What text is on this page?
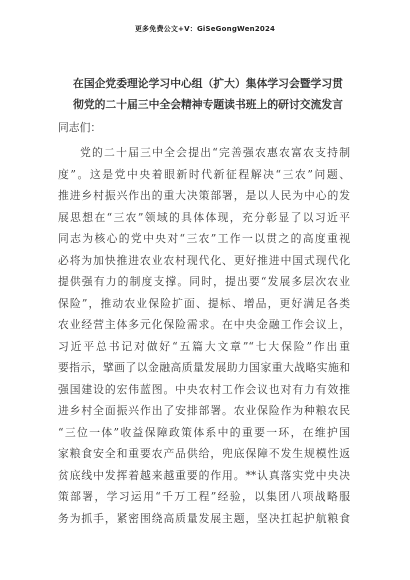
更多免费公文+V：GiSeGongWen2024
在国企党委理论学习中心组（扩大）集体学习会暨学习贯
彻党的二十届三中全会精神专题读书班上的研讨交流发言
同志们：
党的二十届三中全会提出“完善强农惠农富农支持制
度”。这是党中央着眼新时代新征程解决“三农”问题、
推进乡村振兴作出的重大决策部署，是以人民为中心的发
展思想在“三农”领域的具体体现，充分彰显了以习近平
同志为核心的党中央对“三农”工作一以贯之的高度重视
必将为加快推进农业农村现代化、更好推进中国式现代化
提供强有力的制度支撑。同时，提出要“发展多层次农业
保险”，推动农业保险扩面、提标、增品，更好满足各类
农业经营主体多元化保险需求。在中央金融工作会议上，
习近平总书记对做好“五篇大文章”“七大保险”作出重
要指示，擘画了以金融高质量发展助力国家重大战略实施和
强国建设的宏伟蓝图。中央农村工作会议也对有力有效推
进乡村全面振兴作出了安排部署。农业保险作为种粮农民
“三位一体”收益保障政策体系中的重要一环，在维护国
家粮食安全和重要农产品供给，兜底保障不发生规模性返
贫底线中发挥着越来越重要的作用。**认真落实党中央决
策部署，学习运用“千万工程”经验，以集团八项战略服
务为抓手，紧密围绕高质量发展主题，坚决扛起护航粮食
